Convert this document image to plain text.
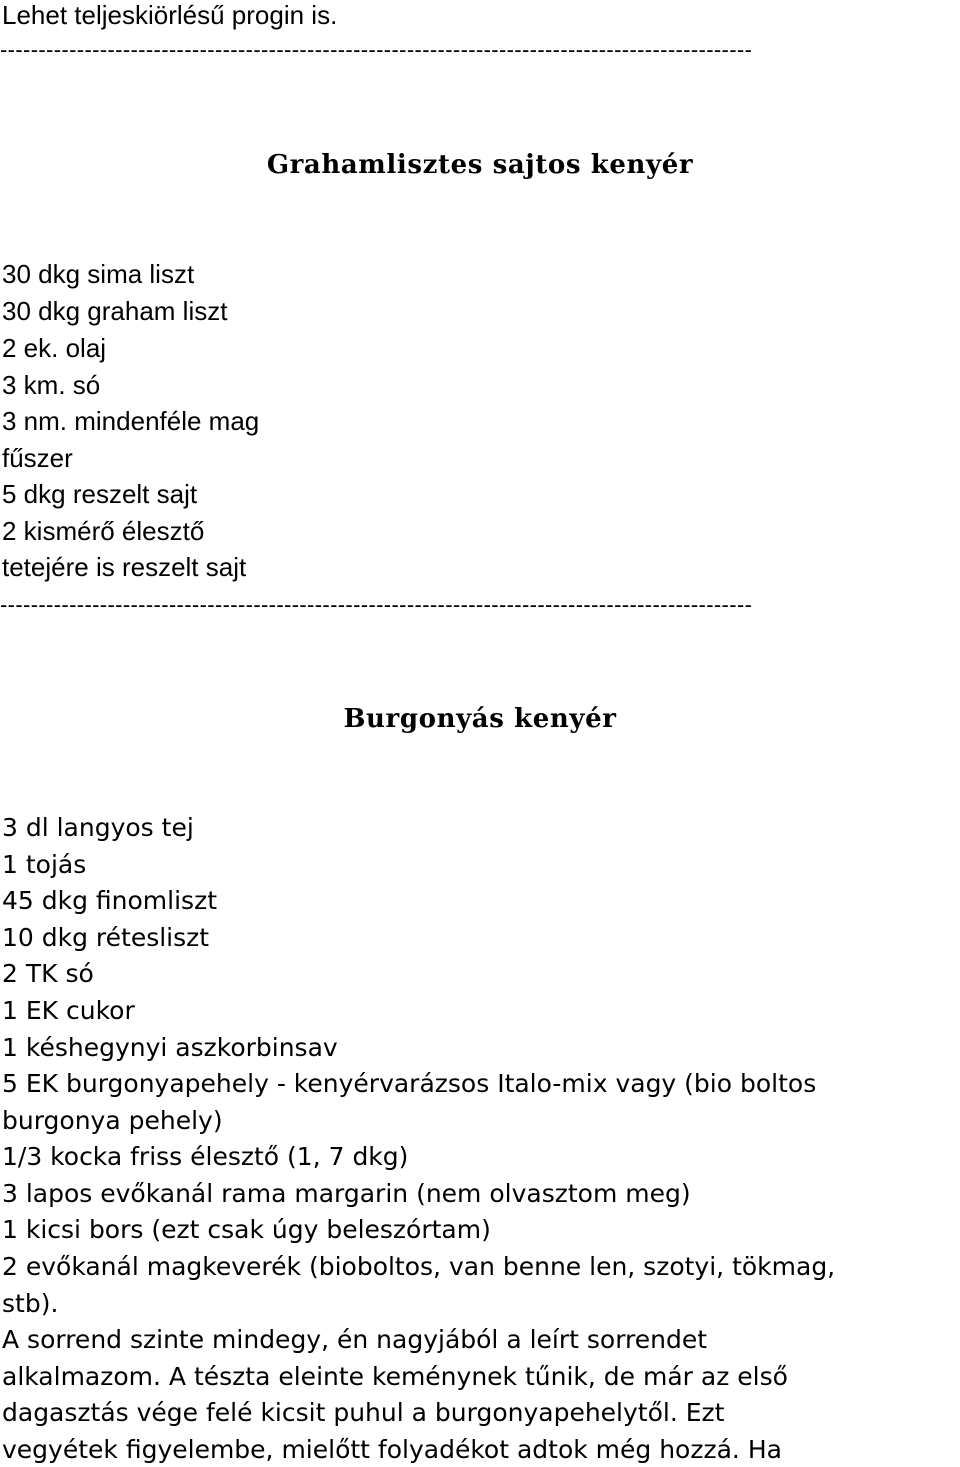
Lehet teljeskiörlésű progin is.
--------------------------------------------------------------------------------------------------
Grahamlisztes sajtos kenyér
30 dkg sima liszt
30 dkg graham liszt
2 ek. olaj
3 km. só
3 nm. mindenféle mag
fűszer
5 dkg reszelt sajt
2 kismérő élesztő
tetejére is reszelt sajt
--------------------------------------------------------------------------------------------------
Burgonyás kenyér
3 dl langyos tej
1 tojás
45 dkg finomliszt
10 dkg rétesliszt
2 TK só
1 EK cukor
1 késhegynyi aszkorbinsav
5 EK burgonyapehely - kenyérvarázsos Italo-mix vagy (bio boltos
burgonya pehely)
1/3 kocka friss élesztő (1, 7 dkg)
3 lapos evőkanál rama margarin (nem olvasztom meg)
1 kicsi bors (ezt csak úgy beleszórtam)
2 evőkanál magkeverék (bioboltos, van benne len, szotyi, tökmag,
stb).
A sorrend szinte mindegy, én nagyjából a leírt sorrendet
alkalmazom. A tészta eleinte keménynek tűnik, de már az első
dagasztás vége felé kicsit puhul a burgonyapehelytől. Ezt
vegyétek figyelembe, mielőtt folyadékot adtok még hozzá. Ha
